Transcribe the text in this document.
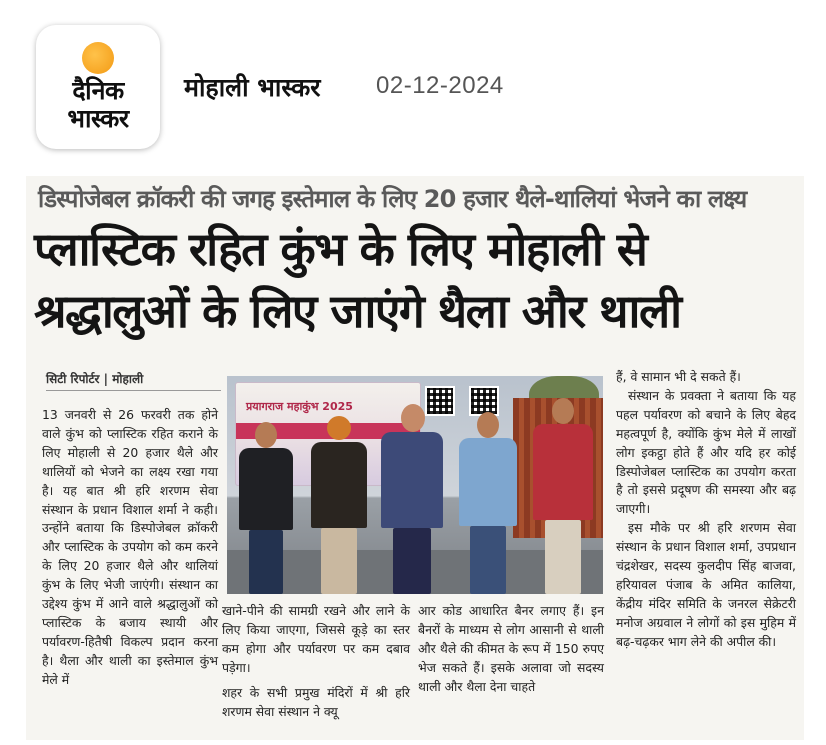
दैनिक
भास्कर
मोहाली भास्कर 02-12-2024
डिस्पोजेबल क्रॉकरी की जगह इस्तेमाल के लिए 20 हजार थैले-थालियां भेजने का लक्ष्य
प्लास्टिक रहित कुंभ के लिए मोहाली से
श्रद्धालुओं के लिए जाएंगे थैला और थाली
सिटी रिपोर्टर | मोहाली

13 जनवरी से 26 फरवरी तक होने वाले कुंभ को प्लास्टिक रहित कराने के लिए मोहाली से 20 हजार थैले और थालियों को भेजने का लक्ष्य रखा गया है। यह बात श्री हरि शरणम सेवा संस्थान के प्रधान विशाल शर्मा ने कही। उन्होंने बताया कि डिस्पोजेबल क्रॉकरी और प्लास्टिक के उपयोग को कम करने के लिए 20 हजार थैले और थालियां कुंभ के लिए भेजी जाएंगी। संस्थान का उद्देश्य कुंभ में आने वाले श्रद्धालुओं को प्लास्टिक के बजाय स्थायी और पर्यावरण-हितैषी विकल्प प्रदान करना है। थैला और थाली का इस्तेमाल कुंभ मेले में

खाने-पीने की सामग्री रखने और लाने के लिए किया जाएगा, जिससे कूड़े का स्तर कम होगा और पर्यावरण पर कम दबाव पड़ेगा।
शहर के सभी प्रमुख मंदिरों में श्री हरि शरणम सेवा संस्थान ने क्यू

आर कोड आधारित बैनर लगाए हैं। इन बैनरों के माध्यम से लोग आसानी से थाली और थैले की कीमत के रूप में 150 रुपए भेज सकते हैं। इसके अलावा जो सदस्य थाली और थैला देना चाहते

हैं, वे सामान भी दे सकते हैं।

संस्थान के प्रवक्ता ने बताया कि यह पहल पर्यावरण को बचाने के लिए बेहद महत्वपूर्ण है, क्योंकि कुंभ मेले में लाखों लोग इकट्ठा होते हैं और यदि हर कोई डिस्पोजेबल प्लास्टिक का उपयोग करता है तो इससे प्रदूषण की समस्या और बढ़ जाएगी।

इस मौके पर श्री हरि शरणम सेवा संस्थान के प्रधान विशाल शर्मा, उपप्रधान चंद्रशेखर, सदस्य कुलदीप सिंह बाजवा, हरियावल पंजाब के अमित कालिया, केंद्रीय मंदिर समिति के जनरल सेक्रेटरी मनोज अग्रवाल ने लोगों को इस मुहिम में बढ़-चढ़कर भाग लेने की अपील की।

प्रयागराज महाकुंभ 2025
